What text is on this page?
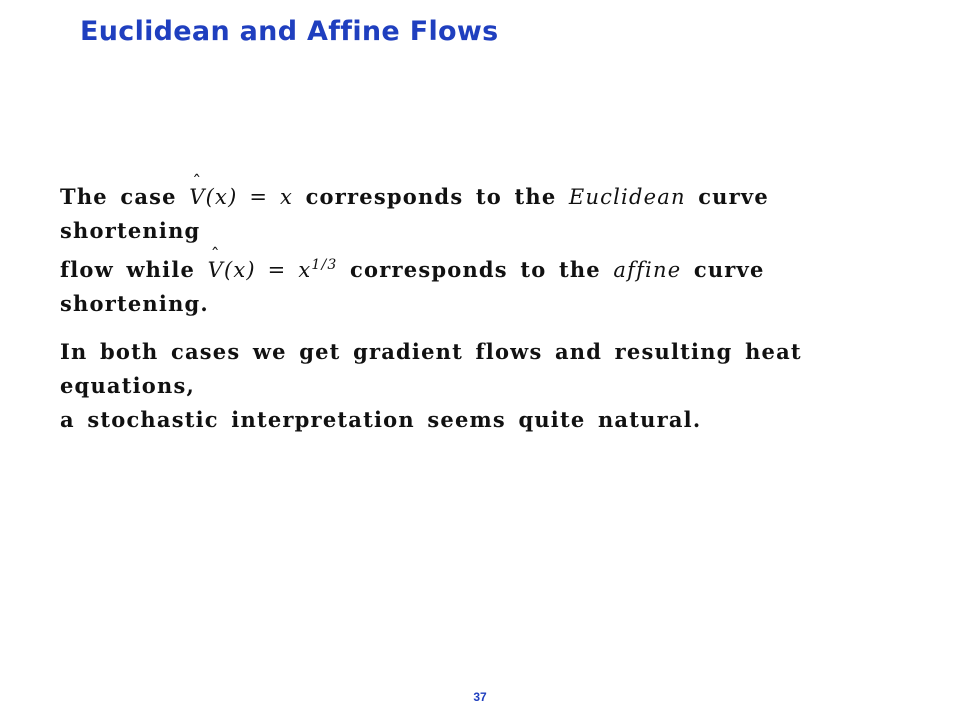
Euclidean and Affine Flows

The case ˆ V(x) = x corresponds to the Euclidean curve shortening
flow while ˆ $V(x) = x^{1/3}$ corresponds to the affine curve shortening.

In both cases we get gradient flows and resulting heat equations,
a stochastic interpretation seems quite natural.

37
